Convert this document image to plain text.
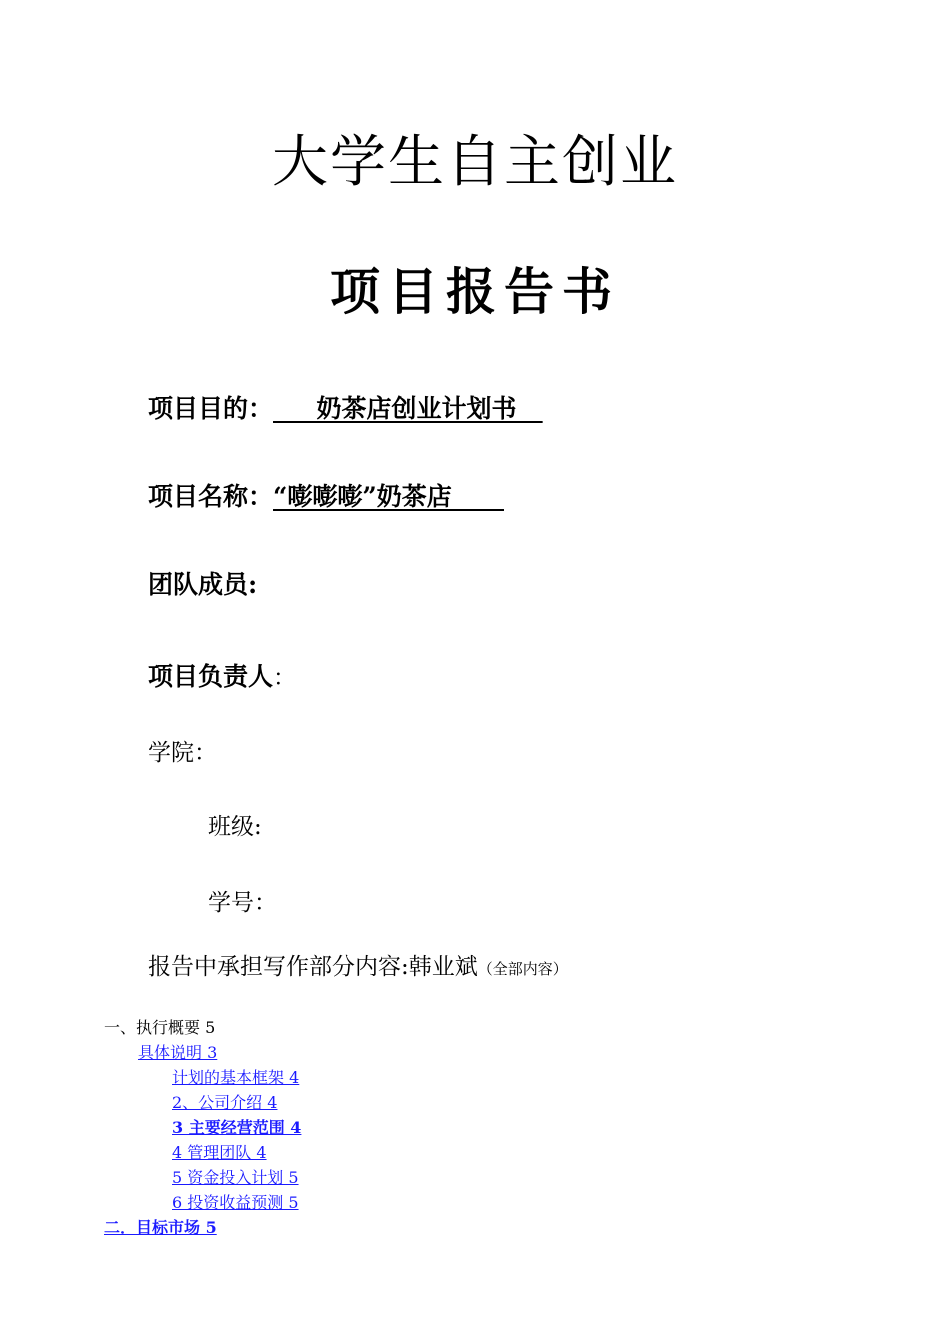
大学生自主创业
项目报告书
项目目的：     奶茶店创业计划书
项目名称：“嘭嘭嘭”奶茶店
团队成员:
项目负责人：
学院：
班级:
学号：
报告中承担写作部分内容:韩业斌（全部内容）
一、执行概要 5
具体说明 3
计划的基本框架 4
2、公司介绍 4
3 主要经营范围 4
4 管理团队 4
5 资金投入计划 5
6 投资收益预测 5
二．目标市场 5
